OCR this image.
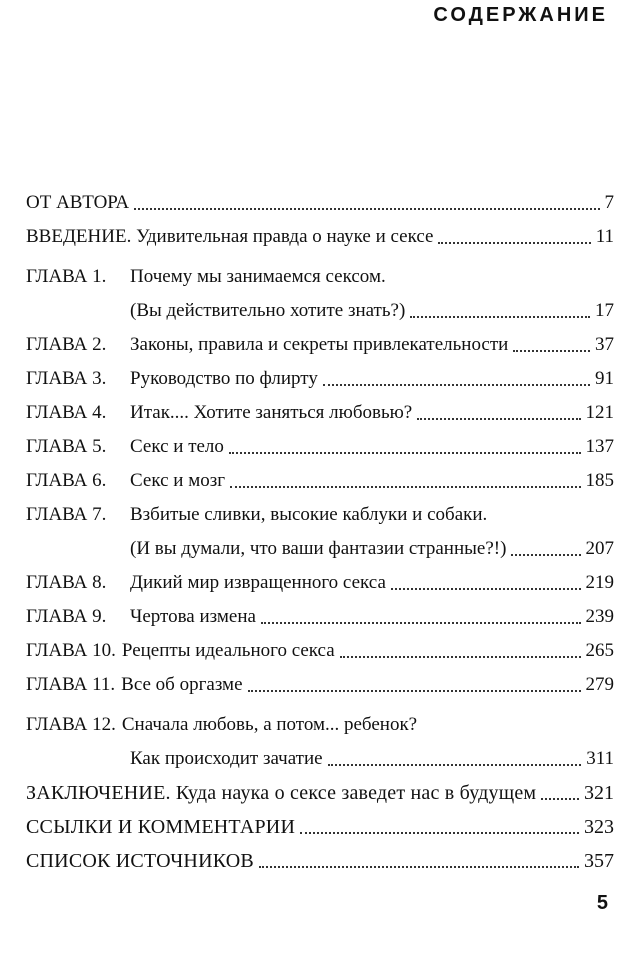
СОДЕРЖАНИЕ
ОТ АВТОРА	7
ВВЕДЕНИЕ. Удивительная правда о науке и сексе	11
ГЛАВА 1.	Почему мы занимаемся сексом.
(Вы действительно хотите знать?)	17
ГЛАВА 2.	Законы, правила и секреты привлекательности	37
ГЛАВА 3.	Руководство по флирту	91
ГЛАВА 4.	Итак.... Хотите заняться любовью?	121
ГЛАВА 5.	Секс и тело	137
ГЛАВА 6.	Секс и мозг	185
ГЛАВА 7.	Взбитые сливки, высокие каблуки и собаки.
(И вы думали, что ваши фантазии странные?!)	207
ГЛАВА 8.	Дикий мир извращенного секса	219
ГЛАВА 9.	Чертова измена	239
ГЛАВА 10. Рецепты идеального секса	265
ГЛАВА 11. Все об оргазме	279
ГЛАВА 12. Сначала любовь, а потом... ребенок?
Как происходит зачатие	311
ЗАКЛЮЧЕНИЕ. Куда наука о сексе заведет нас в будущем 321
ССЫЛКИ И КОММЕНТАРИИ	323
СПИСОК ИСТОЧНИКОВ	357
5
